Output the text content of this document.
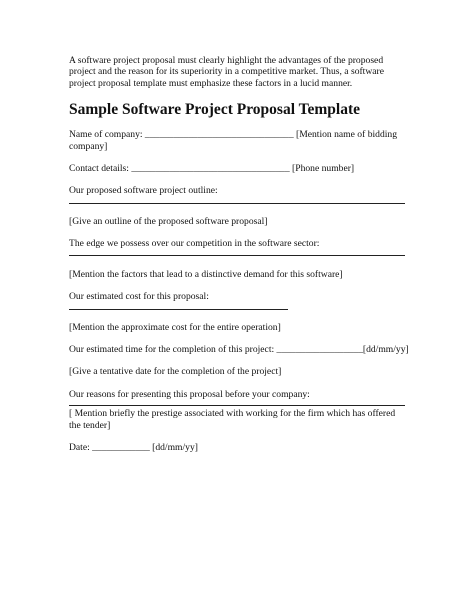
A software project proposal must clearly highlight the advantages of the proposed project and the reason for its superiority in a competitive market. Thus, a software project proposal template must emphasize these factors in a lucid manner.

Sample Software Project Proposal Template

Name of company: _______________________________ [Mention name of bidding

company]

Contact details: _________________________________ [Phone number]

Our proposed software project outline:

[Give an outline of the proposed software proposal]

The edge we possess over our competition in the software sector:

[Mention the factors that lead to a distinctive demand for this software]

Our estimated cost for this proposal:

[Mention the approximate cost for the entire operation]

Our estimated time for the completion of this project: __________________[dd/mm/yy]

[Give a tentative date for the completion of the project]

Our reasons for presenting this proposal before your company:

[ Mention briefly the prestige associated with working for the firm which has offered the tender]

Date: ____________ [dd/mm/yy]
